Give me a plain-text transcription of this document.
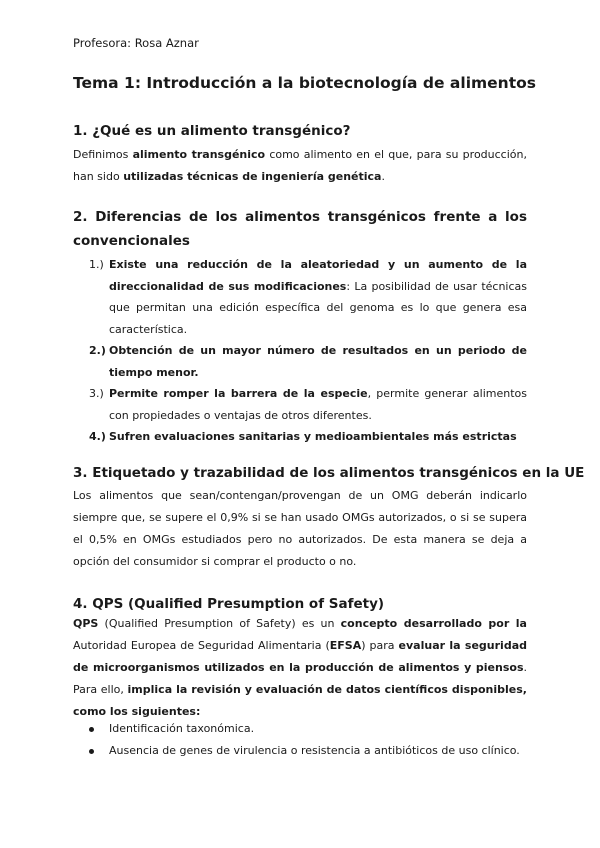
Profesora: Rosa Aznar
Tema 1: Introducción a la biotecnología de alimentos
1. ¿Qué es un alimento transgénico?
Definimos alimento transgénico como alimento en el que, para su producción, han sido utilizadas técnicas de ingeniería genética.
2. Diferencias de los alimentos transgénicos frente a los
convencionales
1.) Existe una reducción de la aleatoriedad y un aumento de la direccionalidad de sus modificaciones: La posibilidad de usar técnicas que permitan una edición específica del genoma es lo que genera esa característica.
2.) Obtención de un mayor número de resultados en un periodo de tiempo menor.
3.) Permite romper la barrera de la especie, permite generar alimentos con propiedades o ventajas de otros diferentes.
4.) Sufren evaluaciones sanitarias y medioambientales más estrictas
3. Etiquetado y trazabilidad de los alimentos transgénicos en la UE
Los alimentos que sean/contengan/provengan de un OMG deberán indicarlo siempre que, se supere el 0,9% si se han usado OMGs autorizados, o si se supera el 0,5% en OMGs estudiados pero no autorizados. De esta manera se deja a opción del consumidor si comprar el producto o no.
4. QPS (Qualified Presumption of Safety)
QPS (Qualified Presumption of Safety) es un concepto desarrollado por la Autoridad Europea de Seguridad Alimentaria (EFSA) para evaluar la seguridad de microorganismos utilizados en la producción de alimentos y piensos. Para ello, implica la revisión y evaluación de datos científicos disponibles, como los siguientes:
Identificación taxonómica.
Ausencia de genes de virulencia o resistencia a antibióticos de uso clínico.
